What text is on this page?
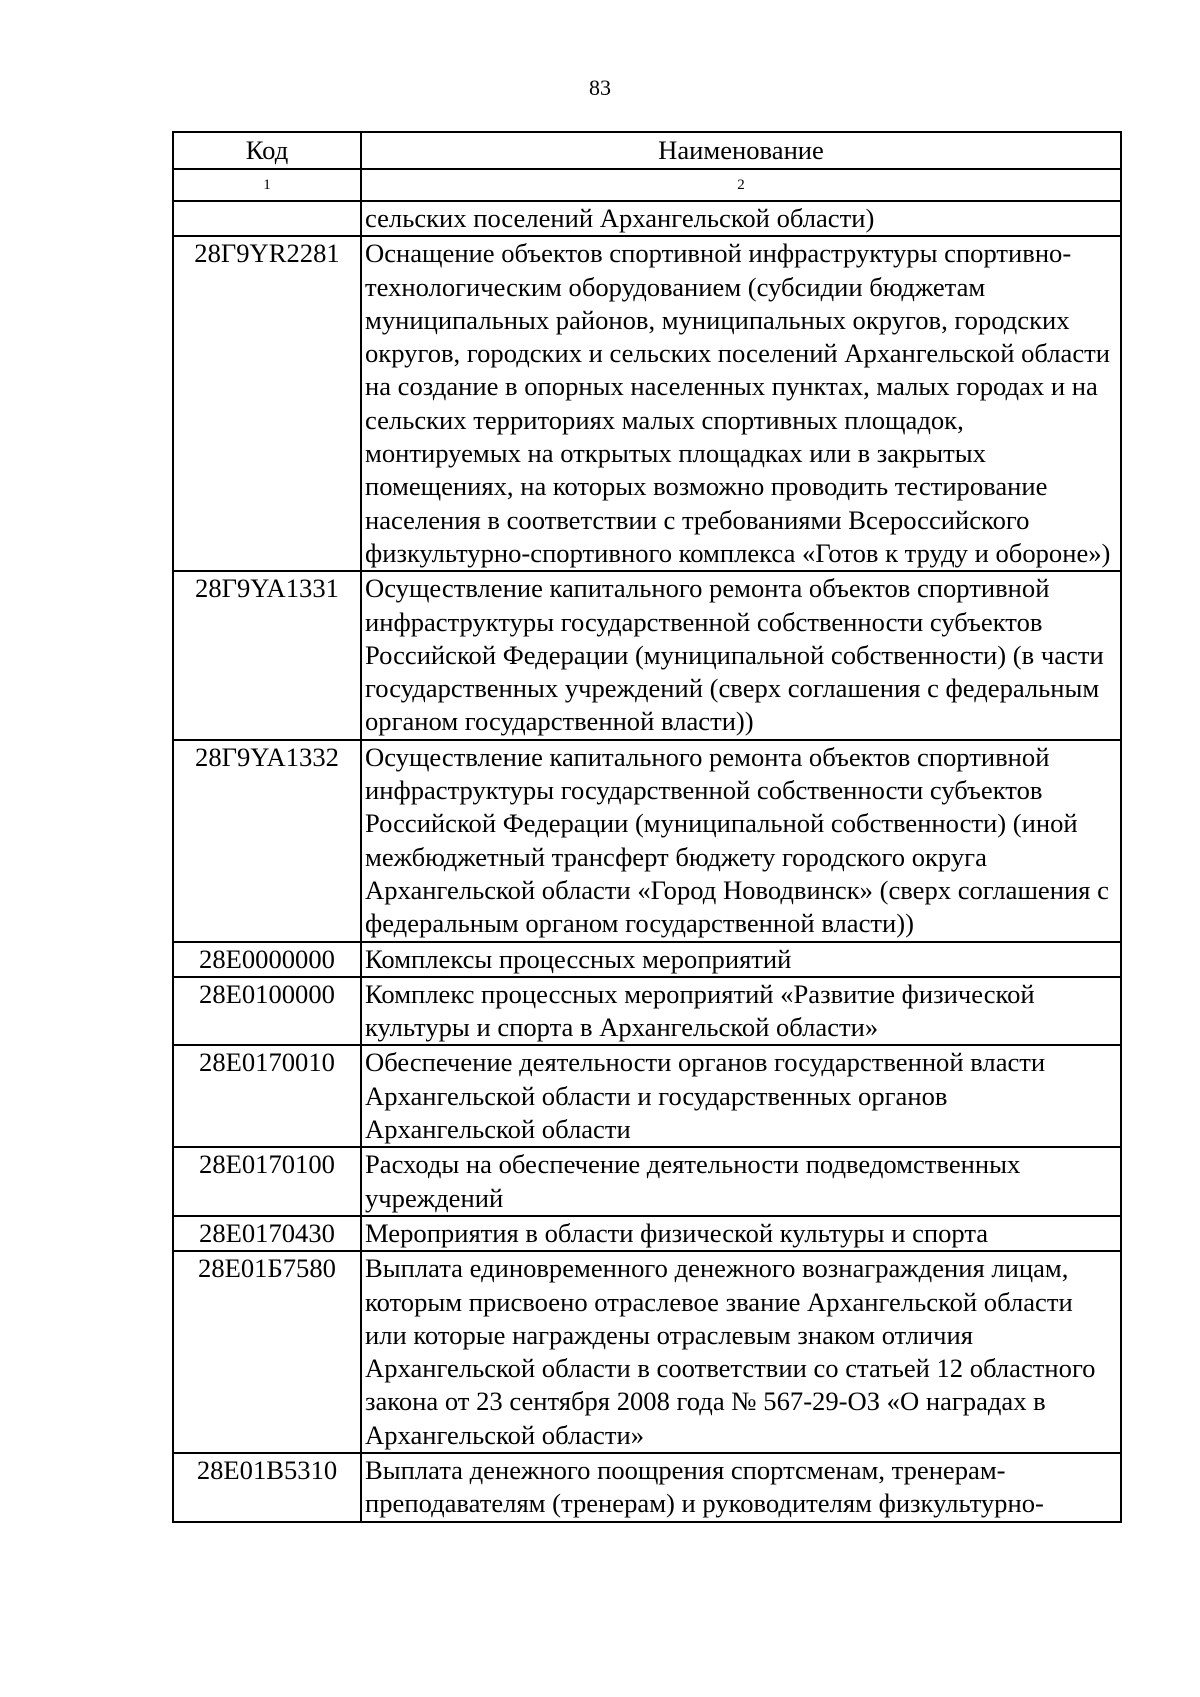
83
Код	Наименование
1	2
	сельских поселений Архангельской области)
28Г9YR2281	Оснащение объектов спортивной инфраструктуры спортивно-технологическим оборудованием (субсидии бюджетам муниципальных районов, муниципальных округов, городских округов, городских и сельских поселений Архангельской области на создание в опорных населенных пунктах, малых городах и на сельских территориях малых спортивных площадок, монтируемых на открытых площадках или в закрытых помещениях, на которых возможно проводить тестирование населения в соответствии с требованиями Всероссийского физкультурно-спортивного комплекса «Готов к труду и обороне»)
28Г9YA1331	Осуществление капитального ремонта объектов спортивной инфраструктуры государственной собственности субъектов Российской Федерации (муниципальной собственности) (в части государственных учреждений (сверх соглашения с федеральным органом государственной власти))
28Г9YA1332	Осуществление капитального ремонта объектов спортивной инфраструктуры государственной собственности субъектов Российской Федерации (муниципальной собственности) (иной межбюджетный трансферт бюджету городского округа Архангельской области «Город Новодвинск» (сверх соглашения с федеральным органом государственной власти))
28Е0000000	Комплексы процессных мероприятий
28Е0100000	Комплекс процессных мероприятий «Развитие физической культуры и спорта в Архангельской области»
28Е0170010	Обеспечение деятельности органов государственной власти Архангельской области и государственных органов Архангельской области
28Е0170100	Расходы на обеспечение деятельности подведомственных учреждений
28Е0170430	Мероприятия в области физической культуры и спорта
28Е01Б7580	Выплата единовременного денежного вознаграждения лицам, которым присвоено отраслевое звание Архангельской области или которые награждены отраслевым знаком отличия Архангельской области в соответствии со статьей 12 областного закона от 23 сентября 2008 года № 567-29-ОЗ «О наградах в Архангельской области»
28Е01В5310	Выплата денежного поощрения спортсменам, тренерам-преподавателям (тренерам) и руководителям физкультурно-
